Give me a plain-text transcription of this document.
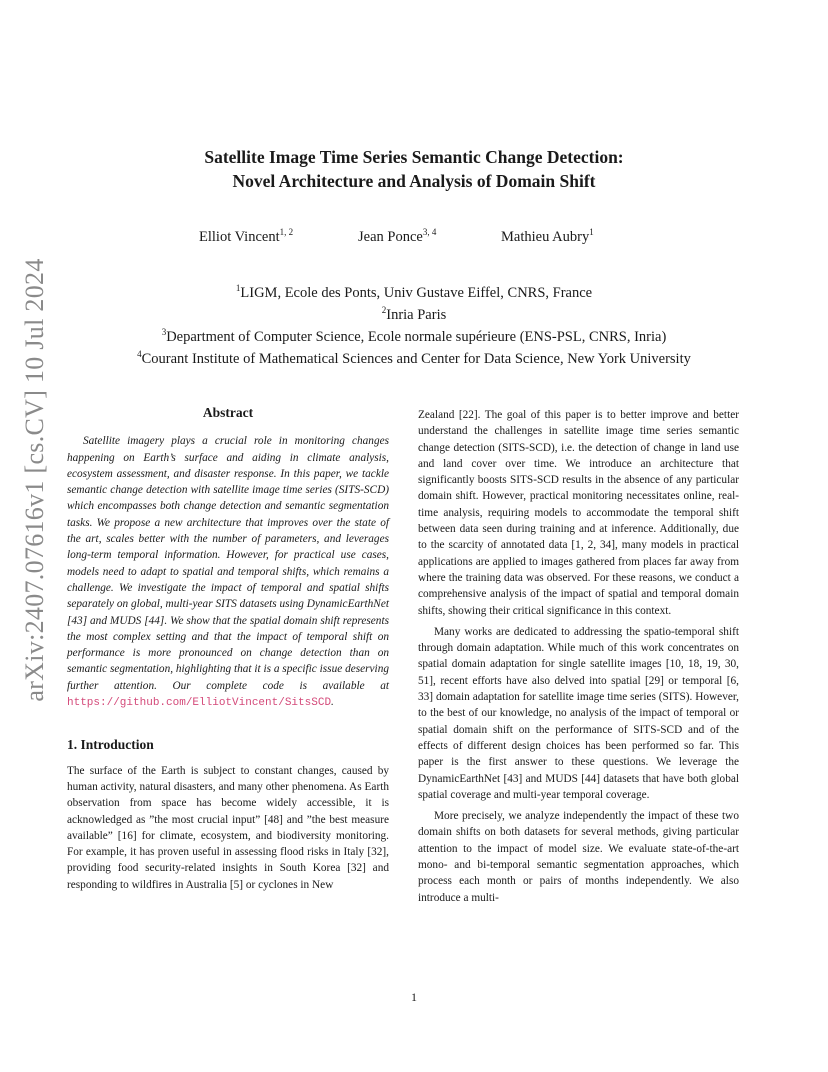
arXiv:2407.07616v1 [cs.CV] 10 Jul 2024
Satellite Image Time Series Semantic Change Detection:
Novel Architecture and Analysis of Domain Shift
Elliot Vincent$^{1, 2}$	Jean Ponce$^{3, 4}$	Mathieu Aubry$^1$
$^1$LIGM, Ecole des Ponts, Univ Gustave Eiffel, CNRS, France
$^2$Inria Paris
$^3$Department of Computer Science, Ecole normale supérieure (ENS-PSL, CNRS, Inria)
$^4$Courant Institute of Mathematical Sciences and Center for Data Science, New York University
Abstract

Satellite imagery plays a crucial role in monitoring changes happening on Earth’s surface and aiding in climate analysis, ecosystem assessment, and disaster response. In this paper, we tackle semantic change detection with satellite image time series (SITS-SCD) which encompasses both change detection and semantic segmentation tasks. We propose a new architecture that improves over the state of the art, scales better with the number of parameters, and leverages long-term temporal information. However, for practical use cases, models need to adapt to spatial and temporal shifts, which remains a challenge. We investigate the impact of temporal and spatial shifts separately on global, multi-year SITS datasets using DynamicEarthNet [43] and MUDS [44]. We show that the spatial domain shift represents the most complex setting and that the impact of temporal shift on performance is more pronounced on change detection than on semantic segmentation, highlighting that it is a specific issue deserving further attention. Our complete code is available at https://github.com/ElliotVincent/SitsSCD.

1. Introduction

The surface of the Earth is subject to constant changes, caused by human activity, natural disasters, and many other phenomena. As Earth observation from space has become widely accessible, it is acknowledged as ”the most crucial input” [48] and ”the best measure available” [16] for climate, ecosystem, and biodiversity monitoring. For example, it has proven useful in assessing flood risks in Italy [32], providing food security-related insights in South Korea [32] and responding to wildfires in Australia [5] or cyclones in New

Zealand [22]. The goal of this paper is to better improve and better understand the challenges in satellite image time series semantic change detection (SITS-SCD), i.e. the detection of change in land use and land cover over time. We introduce an architecture that significantly boosts SITS-SCD results in the absence of any particular domain shift. However, practical monitoring necessitates online, real-time analysis, requiring models to accommodate the temporal shift between data seen during training and at inference. Additionally, due to the scarcity of annotated data [1, 2, 34], many models in practical applications are applied to images gathered from places far away from where the training data was observed. For these reasons, we conduct a comprehensive analysis of the impact of spatial and temporal domain shifts, showing their critical significance in this context.

Many works are dedicated to addressing the spatio-temporal shift through domain adaptation. While much of this work concentrates on spatial domain adaptation for single satellite images [10, 18, 19, 30, 51], recent efforts have also delved into spatial [29] or temporal [6, 33] domain adaptation for satellite image time series (SITS). However, to the best of our knowledge, no analysis of the impact of temporal or spatial domain shift on the performance of SITS-SCD and of the effects of different design choices has been performed so far. This paper is the first answer to these questions. We leverage the DynamicEarthNet [43] and MUDS [44] datasets that have both global spatial coverage and multi-year temporal coverage.

More precisely, we analyze independently the impact of these two domain shifts on both datasets for several methods, giving particular attention to the impact of model size. We evaluate state-of-the-art mono- and bi-temporal semantic segmentation approaches, which process each month or pairs of months independently. We also introduce a multi-

1
